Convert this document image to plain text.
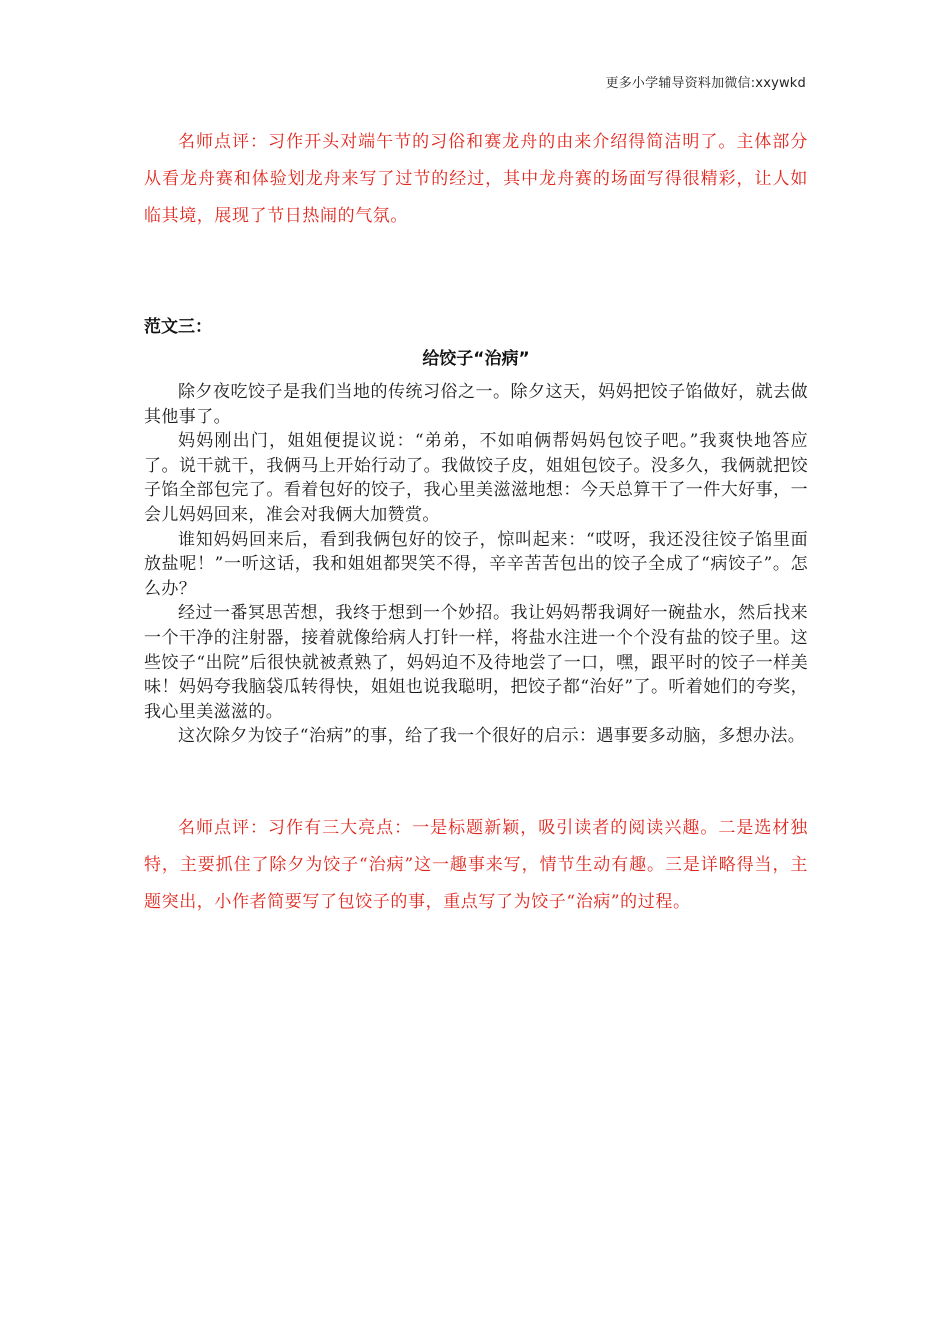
更多小学辅导资料加微信:xxywkd

名师点评：习作开头对端午节的习俗和赛龙舟的由来介绍得简洁明了。主体部分从看龙舟赛和体验划龙舟来写了过节的经过，其中龙舟赛的场面写得很精彩，让人如临其境，展现了节日热闹的气氛。

范文三：
给饺子“治病”

除夕夜吃饺子是我们当地的传统习俗之一。除夕这天，妈妈把饺子馅做好，就去做其他事了。

妈妈刚出门，姐姐便提议说：“弟弟，不如咱俩帮妈妈包饺子吧。”我爽快地答应了。说干就干，我俩马上开始行动了。我做饺子皮，姐姐包饺子。没多久，我俩就把饺子馅全部包完了。看着包好的饺子，我心里美滋滋地想：今天总算干了一件大好事，一会儿妈妈回来，准会对我俩大加赞赏。

谁知妈妈回来后，看到我俩包好的饺子，惊叫起来：“哎呀，我还没往饺子馅里面放盐呢！”一听这话，我和姐姐都哭笑不得，辛辛苦苦包出的饺子全成了“病饺子”。怎么办？

经过一番冥思苦想，我终于想到一个妙招。我让妈妈帮我调好一碗盐水，然后找来一个干净的注射器，接着就像给病人打针一样，将盐水注进一个个没有盐的饺子里。这些饺子“出院”后很快就被煮熟了，妈妈迫不及待地尝了一口，嘿，跟平时的饺子一样美味！妈妈夸我脑袋瓜转得快，姐姐也说我聪明，把饺子都“治好”了。听着她们的夸奖，我心里美滋滋的。

这次除夕为饺子“治病”的事，给了我一个很好的启示：遇事要多动脑，多想办法。

名师点评：习作有三大亮点：一是标题新颖，吸引读者的阅读兴趣。二是选材独特，主要抓住了除夕为饺子“治病”这一趣事来写，情节生动有趣。三是详略得当，主题突出，小作者简要写了包饺子的事，重点写了为饺子“治病”的过程。
